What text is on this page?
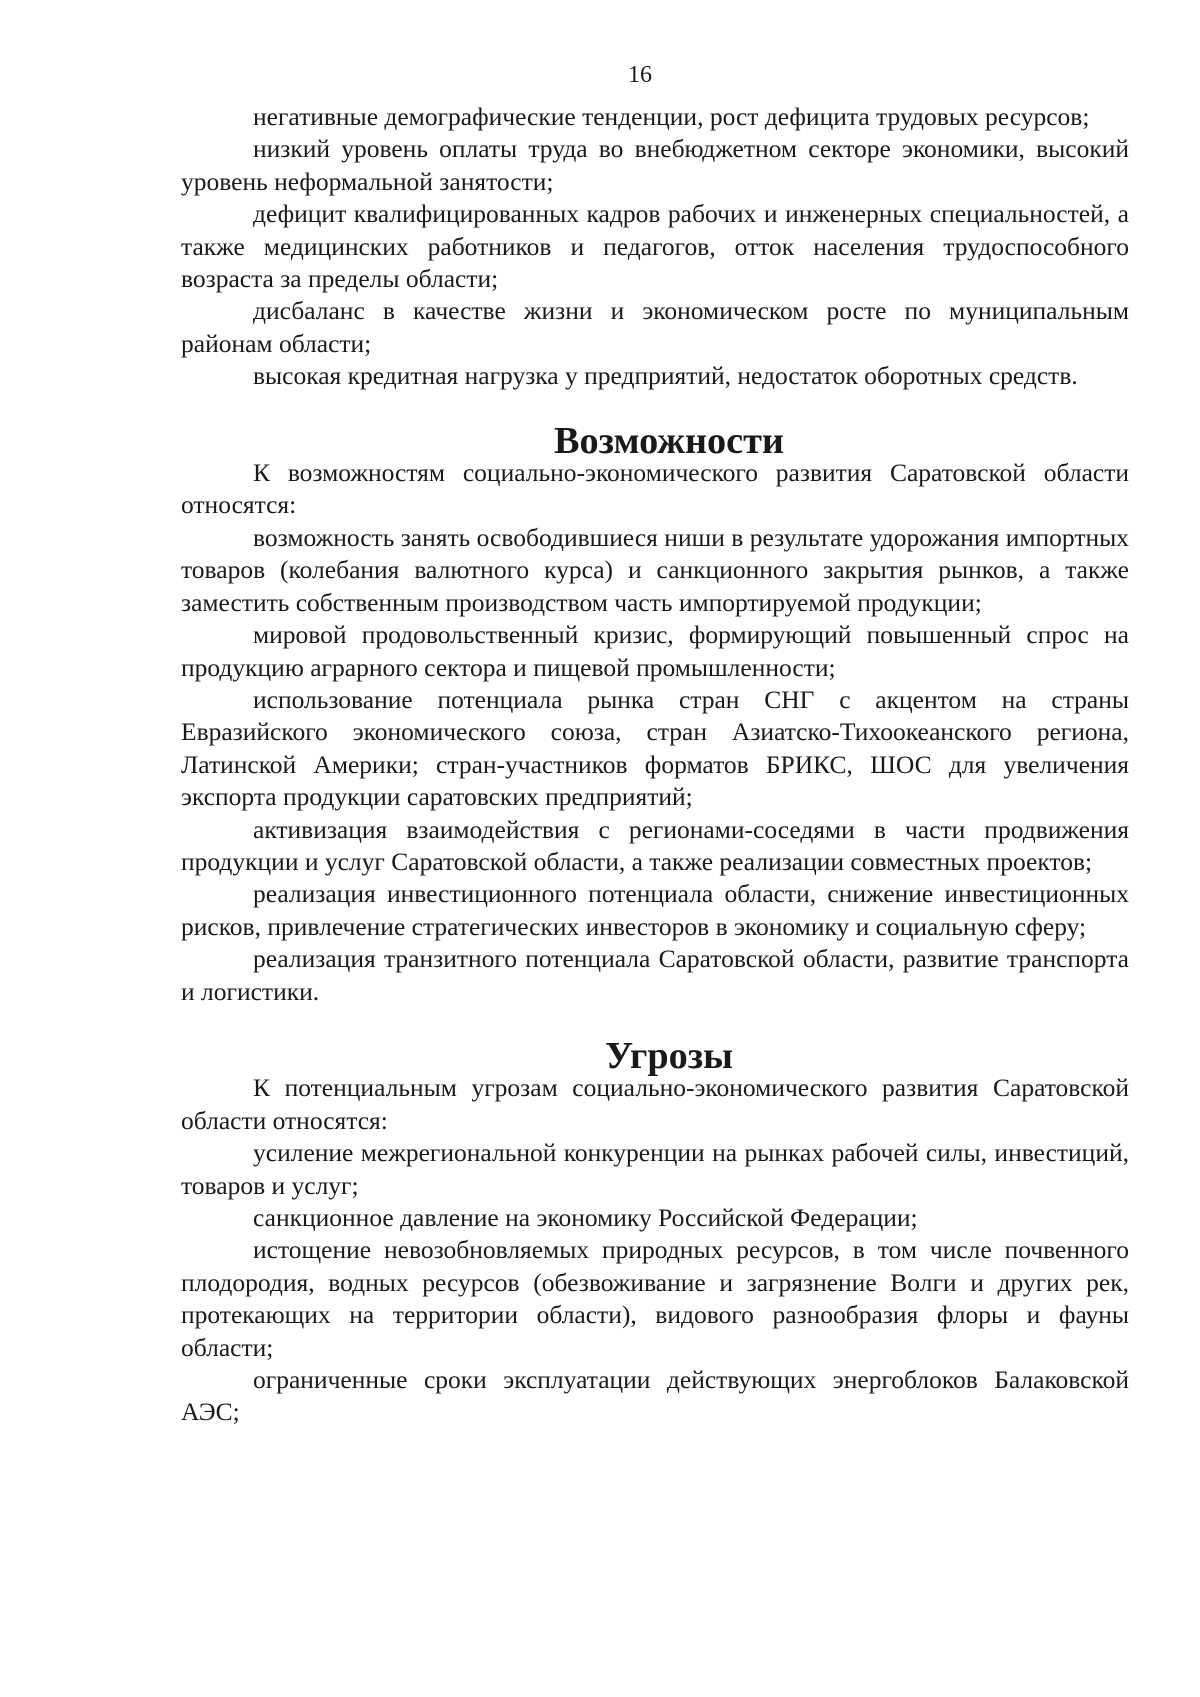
16

негативные демографические тенденции, рост дефицита трудовых ресурсов;

низкий уровень оплаты труда во внебюджетном секторе экономики, высокий уровень неформальной занятости;

дефицит квалифицированных кадров рабочих и инженерных специальностей, а также медицинских работников и педагогов, отток населения трудоспособного возраста за пределы области;

дисбаланс в качестве жизни и экономическом росте по муниципальным районам области;

высокая кредитная нагрузка у предприятий, недостаток оборотных средств.

Возможности

К возможностям социально-экономического развития Саратовской области относятся:

возможность занять освободившиеся ниши в результате удорожания импортных товаров (колебания валютного курса) и санкционного закрытия рынков, а также заместить собственным производством часть импортируемой продукции;

мировой продовольственный кризис, формирующий повышенный спрос на продукцию аграрного сектора и пищевой промышленности;

использование потенциала рынка стран СНГ с акцентом на страны Евразийского экономического союза, стран Азиатско-Тихоокеанского региона, Латинской Америки; стран-участников форматов БРИКС, ШОС для увеличения экспорта продукции саратовских предприятий;

активизация взаимодействия с регионами-соседями в части продвижения продукции и услуг Саратовской области, а также реализации совместных проектов;

реализация инвестиционного потенциала области, снижение инвестиционных рисков, привлечение стратегических инвесторов в экономику и социальную сферу;

реализация транзитного потенциала Саратовской области, развитие транспорта и логистики.

Угрозы

К потенциальным угрозам социально-экономического развития Саратовской области относятся:

усиление межрегиональной конкуренции на рынках рабочей силы, инвестиций, товаров и услуг;

санкционное давление на экономику Российской Федерации;

истощение невозобновляемых природных ресурсов, в том числе почвенного плодородия, водных ресурсов (обезвоживание и загрязнение Волги и других рек, протекающих на территории области), видового разнообразия флоры и фауны области;

ограниченные сроки эксплуатации действующих энергоблоков Балаковской АЭС;
